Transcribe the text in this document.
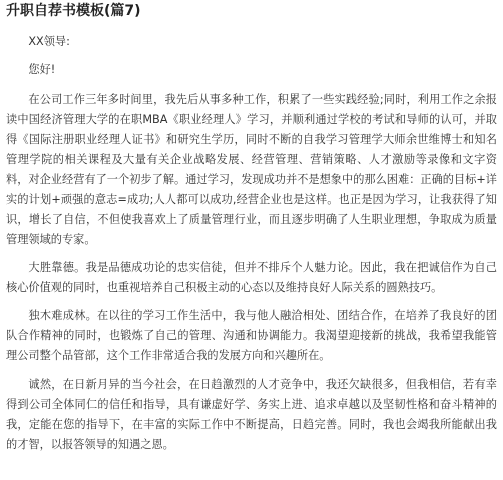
升职自荐书模板(篇7)

XX领导:

您好!

在公司工作三年多时间里，我先后从事多种工作，积累了一些实践经验;同时，利用工作之余报读中国经济管理大学的在职MBA《职业经理人》学习，并顺利通过学校的考试和导师的认可，并取得《国际注册职业经理人证书》和研究生学历，同时不断的自我学习管理学大师余世维博士和知名管理学院的相关课程及大量有关企业战略发展、经营管理、营销策略、人才激励等录像和文字资料，对企业经营有了一个初步了解。通过学习，发现成功并不是想象中的那么困难：正确的目标+详实的计划+顽强的意志=成功;人人都可以成功,经营企业也是这样。也正是因为学习，让我获得了知识，增长了自信，不但使我喜欢上了质量管理行业，而且逐步明确了人生职业理想，争取成为质量管理领域的专家。

大胜靠德。我是品德成功论的忠实信徒，但并不排斥个人魅力论。因此，我在把诚信作为自己核心价值观的同时，也重视培养自己积极主动的心态以及维持良好人际关系的圆熟技巧。

独木难成林。在以往的学习工作生活中，我与他人融洽相处、团结合作，在培养了我良好的团队合作精神的同时，也锻炼了自己的管理、沟通和协调能力。我渴望迎接新的挑战，我希望我能管理公司整个品管部，这个工作非常适合我的发展方向和兴趣所在。

诚然，在日新月异的当今社会，在日趋激烈的人才竞争中，我还欠缺很多，但我相信，若有幸得到公司全体同仁的信任和指导，具有谦虚好学、务实上进、追求卓越以及坚韧性格和奋斗精神的我，定能在您的指导下，在丰富的实际工作中不断提高，日趋完善。同时，我也会竭我所能献出我的才智，以报答领导的知遇之恩。
